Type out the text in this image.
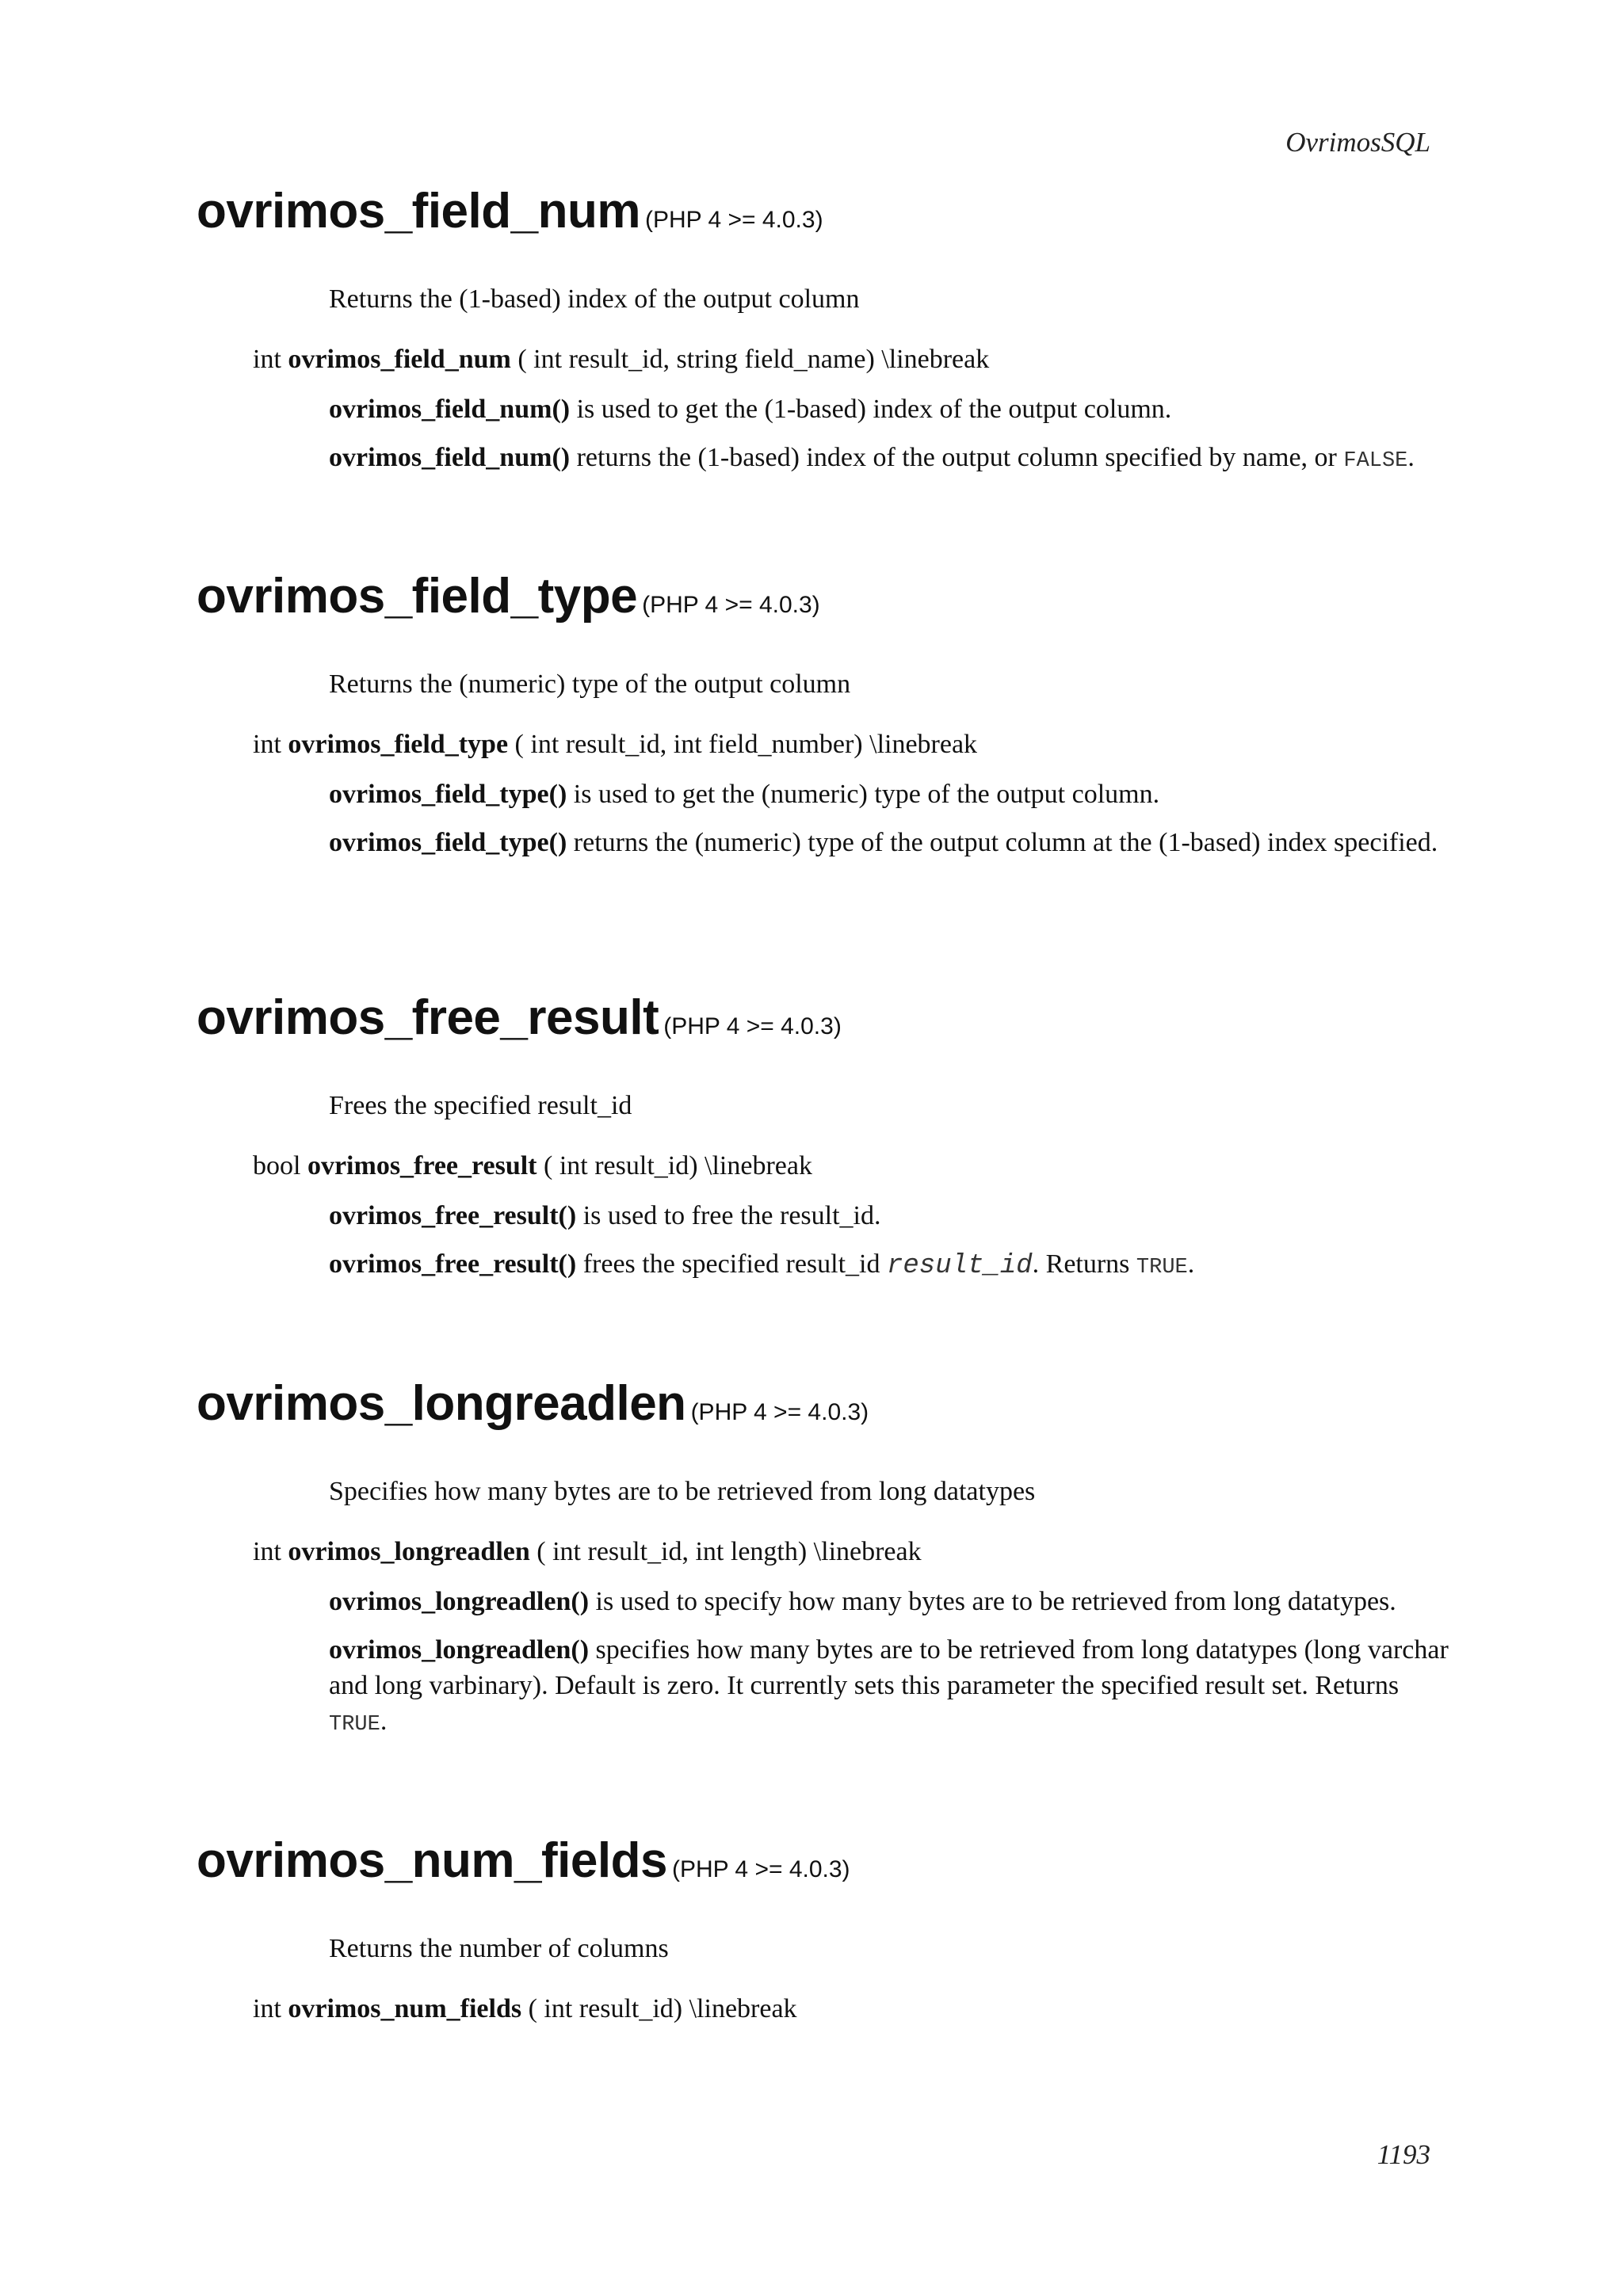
OvrimosSQL
ovrimos_field_num (PHP 4 >= 4.0.3)
Returns the (1-based) index of the output column
int ovrimos_field_num ( int result_id, string field_name) \linebreak
ovrimos_field_num() is used to get the (1-based) index of the output column.
ovrimos_field_num() returns the (1-based) index of the output column specified by name, or FALSE.
ovrimos_field_type (PHP 4 >= 4.0.3)
Returns the (numeric) type of the output column
int ovrimos_field_type ( int result_id, int field_number) \linebreak
ovrimos_field_type() is used to get the (numeric) type of the output column.
ovrimos_field_type() returns the (numeric) type of the output column at the (1-based) index specified.
ovrimos_free_result (PHP 4 >= 4.0.3)
Frees the specified result_id
bool ovrimos_free_result ( int result_id) \linebreak
ovrimos_free_result() is used to free the result_id.
ovrimos_free_result() frees the specified result_id result_id. Returns TRUE.
ovrimos_longreadlen (PHP 4 >= 4.0.3)
Specifies how many bytes are to be retrieved from long datatypes
int ovrimos_longreadlen ( int result_id, int length) \linebreak
ovrimos_longreadlen() is used to specify how many bytes are to be retrieved from long datatypes.
ovrimos_longreadlen() specifies how many bytes are to be retrieved from long datatypes (long varchar and long varbinary). Default is zero. It currently sets this parameter the specified result set. Returns TRUE.
ovrimos_num_fields (PHP 4 >= 4.0.3)
Returns the number of columns
int ovrimos_num_fields ( int result_id) \linebreak
1193
